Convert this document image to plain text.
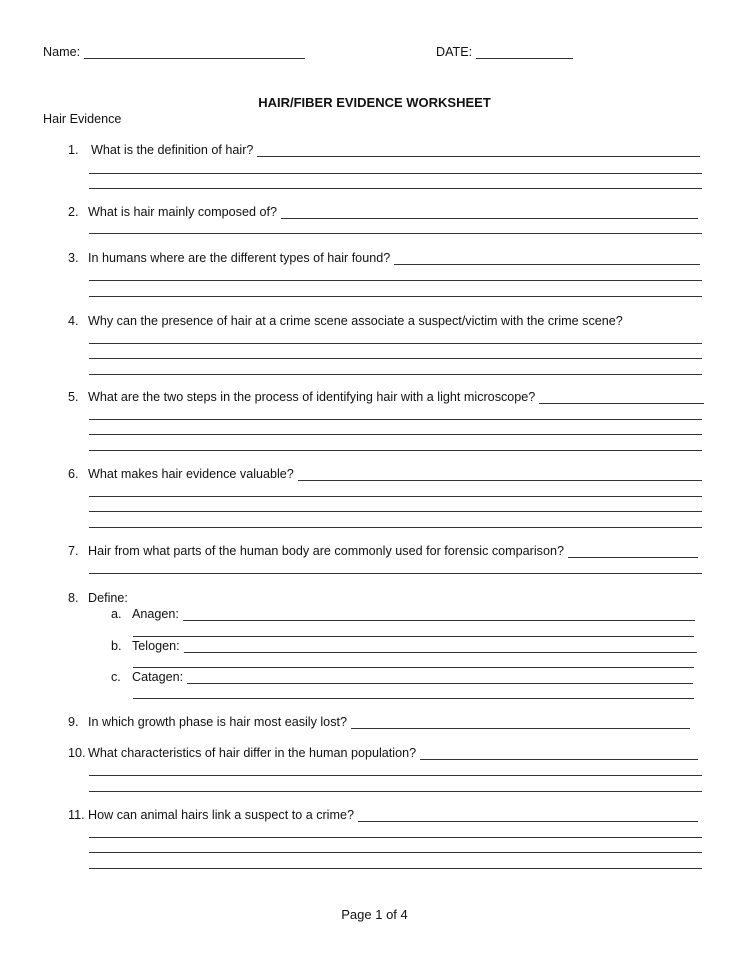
Name:	DATE:
HAIR/FIBER EVIDENCE WORKSHEET
Hair Evidence
1. What is the definition of hair?
2. What is hair mainly composed of?
3. In humans where are the different types of hair found?
4. Why can the presence of hair at a crime scene associate a suspect/victim with the crime scene?
5. What are the two steps in the process of identifying hair with a light microscope?
6. What makes hair evidence valuable?
7. Hair from what parts of the human body are commonly used for forensic comparison?
8. Define:
a. Anagen:
b. Telogen:
c. Catagen:
9. In which growth phase is hair most easily lost?
10. What characteristics of hair differ in the human population?
11. How can animal hairs link a suspect to a crime?
Page 1 of 4
